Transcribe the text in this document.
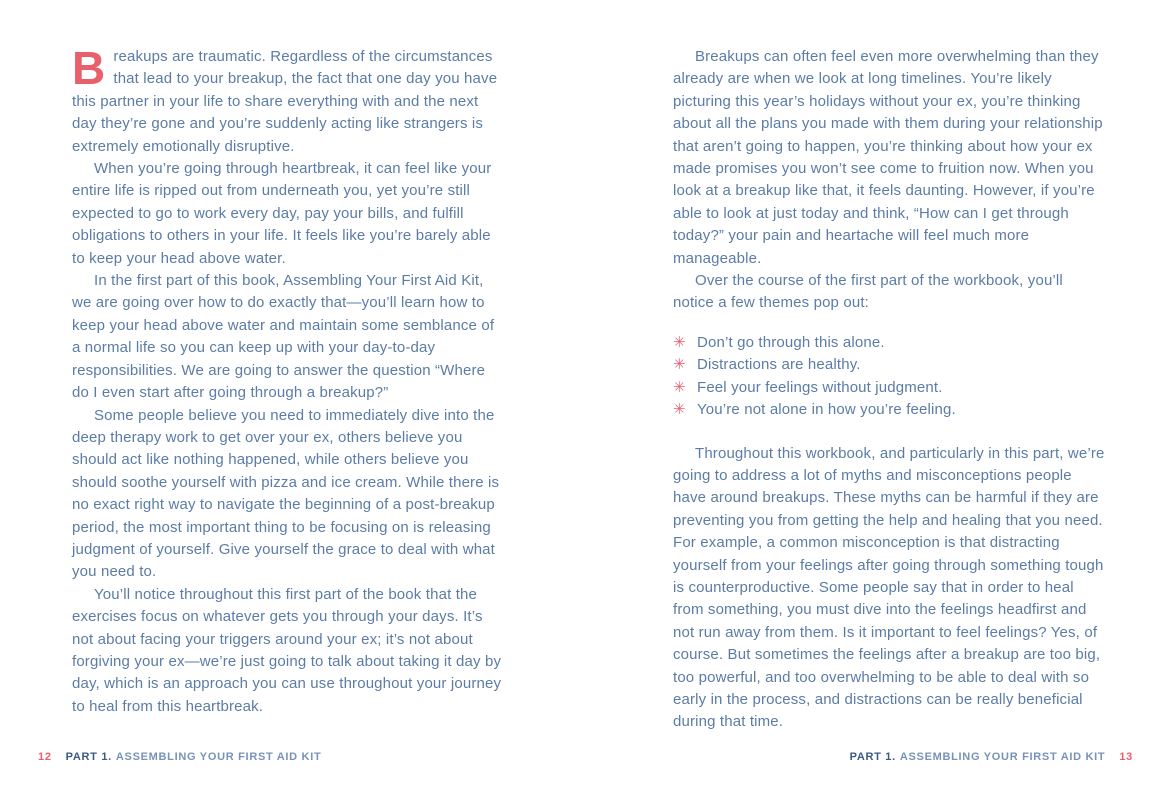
B reakups are traumatic. Regardless of the circumstances that lead to your breakup, the fact that one day you have this partner in your life to share everything with and the next day they’re gone and you’re suddenly acting like strangers is extremely emotionally disruptive.

When you’re going through heartbreak, it can feel like your entire life is ripped out from underneath you, yet you’re still expected to go to work every day, pay your bills, and fulfill obligations to others in your life. It feels like you’re barely able to keep your head above water.

In the first part of this book, Assembling Your First Aid Kit, we are going over how to do exactly that—you’ll learn how to keep your head above water and maintain some semblance of a normal life so you can keep up with your day-to-day responsibilities. We are going to answer the question “Where do I even start after going through a breakup?”

Some people believe you need to immediately dive into the deep therapy work to get over your ex, others believe you should act like nothing happened, while others believe you should soothe yourself with pizza and ice cream. While there is no exact right way to navigate the beginning of a post-breakup period, the most important thing to be focusing on is releasing judgment of yourself. Give yourself the grace to deal with what you need to.

You’ll notice throughout this first part of the book that the exercises focus on whatever gets you through your days. It’s not about facing your triggers around your ex; it’s not about forgiving your ex—we’re just going to talk about taking it day by day, which is an approach you can use throughout your journey to heal from this heartbreak.

12 PART 1. ASSEMBLING YOUR FIRST AID KIT

Breakups can often feel even more overwhelming than they already are when we look at long timelines. You’re likely picturing this year’s holidays without your ex, you’re thinking about all the plans you made with them during your relationship that aren’t going to happen, you’re thinking about how your ex made promises you won’t see come to fruition now. When you look at a breakup like that, it feels daunting. However, if you’re able to look at just today and think, “How can I get through today?” your pain and heartache will feel much more manageable.

Over the course of the first part of the workbook, you’ll notice a few themes pop out:

✳ Don’t go through this alone.
✳ Distractions are healthy.
✳ Feel your feelings without judgment.
✳ You’re not alone in how you’re feeling.

Throughout this workbook, and particularly in this part, we’re going to address a lot of myths and misconceptions people have around breakups. These myths can be harmful if they are preventing you from getting the help and healing that you need. For example, a common misconception is that distracting yourself from your feelings after going through something tough is counterproductive. Some people say that in order to heal from something, you must dive into the feelings headfirst and not run away from them. Is it important to feel feelings? Yes, of course. But sometimes the feelings after a breakup are too big, too powerful, and too overwhelming to be able to deal with so early in the process, and distractions can be really beneficial during that time.

PART 1. ASSEMBLING YOUR FIRST AID KIT 13
